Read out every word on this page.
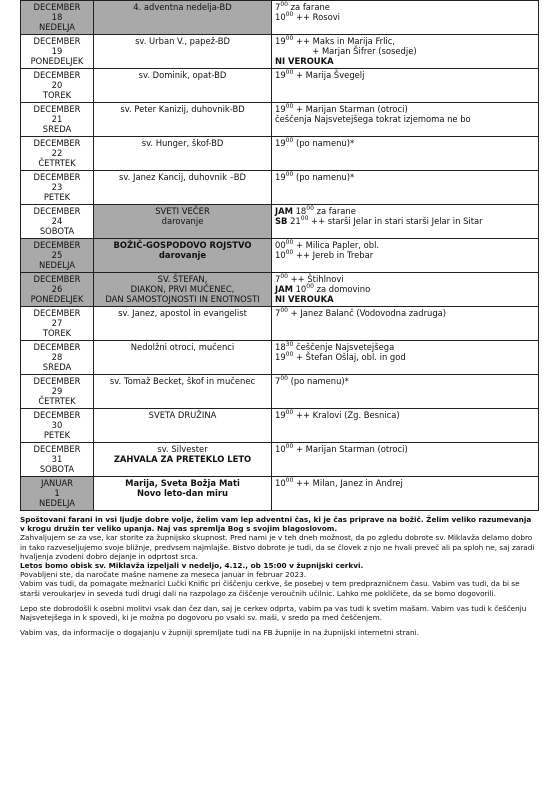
DECEMBER
18
NEDELJA	4. adventna nedelja-BD	$7^{00}$ za farane
$10^{00}$ ++ Rosovi

DECEMBER
19
PONEDELJEK	sv. Urban V., papež-BD	$19^{00}$ ++ Maks in Marija Frlic,
+ Marjan Šifrer (sosedje)
NI VEROUKA

DECEMBER
20
TOREK	sv. Dominik, opat-BD	$19^{00}$ + Marija Švegelj

DECEMBER
21
SREDA	sv. Peter Kanizij, duhovnik-BD	$19^{00}$ + Marijan Starman (otroci)
češčenja Najsvetejšega tokrat izjemoma ne bo

DECEMBER
22
ČETRTEK	sv. Hunger, škof-BD	$19^{00}$ (po namenu)*

DECEMBER
23
PETEK	sv. Janez Kancij, duhovnik –BD	$19^{00}$ (po namenu)*

DECEMBER
24
SOBOTA	SVETI VEČER
darovanje	JAM $18^{00}$ za farane
SB $21^{00}$ ++ starši Jelar in stari starši Jelar in Sitar

DECEMBER
25
NEDELJA	BOŽIČ-GOSPODOVO ROJSTVO
darovanje	$00^{00}$ + Milica Papler, obl.
$10^{00}$ ++ Jereb in Trebar

DECEMBER
26
PONEDELJEK	SV. ŠTEFAN,
DIAKON, PRVI MUČENEC,
DAN SAMOSTOJNOSTI IN ENOTNOSTI	$7^{00}$ ++ Štihlnovi
JAM $10^{00}$ za domovino
NI VEROUKA

DECEMBER
27
TOREK	sv. Janez, apostol in evangelist	$7^{00}$ + Janez Balanč (Vodovodna zadruga)

DECEMBER
28
SREDA	Nedolžni otroci, mučenci	$18^{30}$ češčenje Najsvetejšega
$19^{00}$ + Štefan Ošlaj, obl. in god

DECEMBER
29
ČETRTEK	sv. Tomaž Becket, škof in mučenec	$7^{00}$ (po namenu)*

DECEMBER
30
PETEK	SVETA DRUŽINA	$19^{00}$ ++ Kralovi (Zg. Besnica)

DECEMBER
31
SOBOTA	sv. Silvester
ZAHVALA ZA PRETEKLO LETO	$10^{00}$ + Marijan Starman (otroci)

JANUAR
1
NEDELJA	Marija, Sveta Božja Mati
Novo leto-dan miru	$10^{00}$ ++ Milan, Janez in Andrej

Spoštovani farani in vsi ljudje dobre volje, želim vam lep adventni čas, ki je čas priprave na božič. Želim veliko razumevanja v krogu družin ter veliko upanja. Naj vas spremlja Bog s svojim blagoslovom.

Zahvaljujem se za vse, kar storite za župnijsko skupnost. Pred nami je v teh dneh možnost, da po zgledu dobrote sv. Miklavža delamo dobro in tako razveseljujemo svoje bližnje, predvsem najmlajše. Bistvo dobrote je tudi, da se človek z njo ne hvali preveč ali pa sploh ne, saj zaradi hvaljenja zvodeni dobro dejanje in odprtost srca.

Letos bomo obisk sv. Miklavža izpeljali v nedeljo, 4.12., ob 15:00 v župnijski cerkvi.

Povabljeni ste, da naročate mašne namene za meseca januar in februar 2023.

Vabim vas tudi, da pomagate mežnarici Lučki Knific pri čiščenju cerkve, še posebej v tem predprazničnem času. Vabim vas tudi, da bi se starši veroukarjev in seveda tudi drugi dali na razpolago za čiščenje veroučnih učilnic. Lahko me pokličete, da se bomo dogovorili.

Lepo ste dobrodošli k osebni molitvi vsak dan čez dan, saj je cerkev odprta, vabim pa vas tudi k svetim mašam. Vabim vas tudi k češčenju Najsvetejšega in k spovedi, ki je možna po dogovoru po vsaki sv. maši, v sredo pa med češčenjem.

Vabim vas, da informacije o dogajanju v župniji spremljate tudi na FB župnije in na župnijski internetni strani.
